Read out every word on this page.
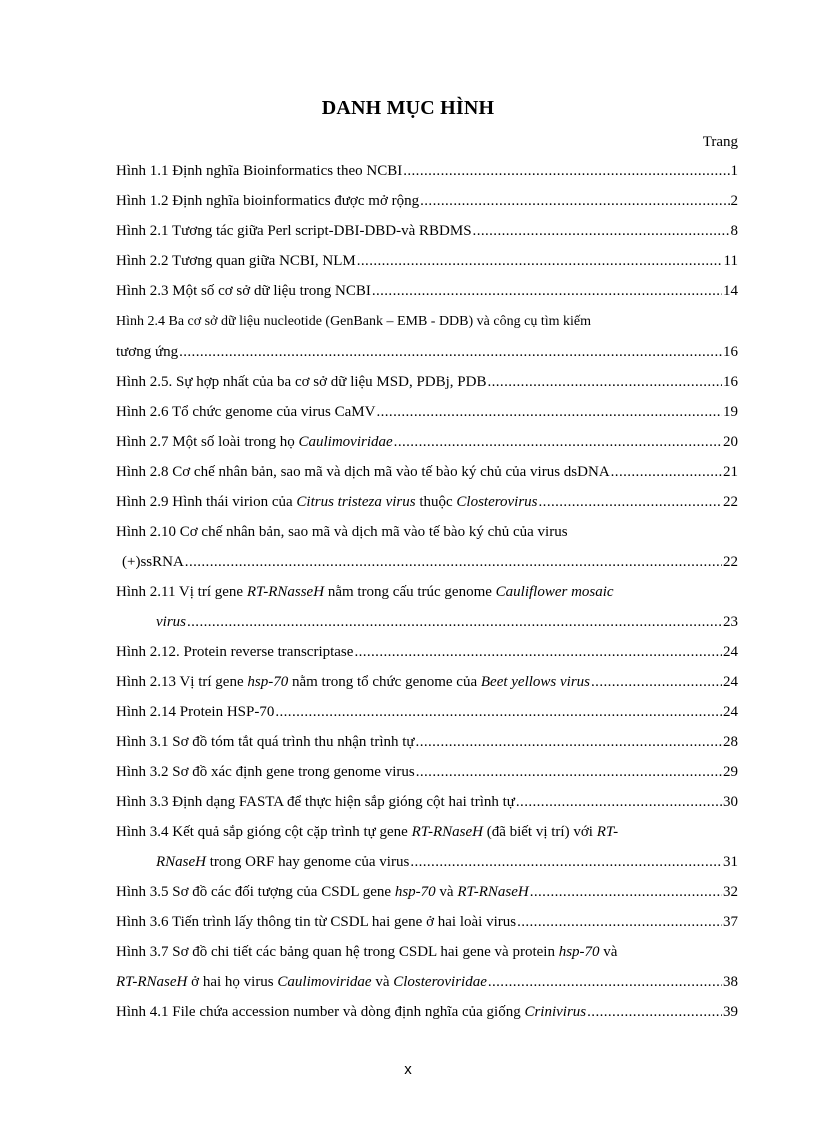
DANH MỤC HÌNH
Trang
Hình 1.1 Định nghĩa Bioinformatics theo NCBI .....	1
Hình 1.2 Định nghĩa bioinformatics được mở rộng .....	2
Hình 2.1 Tương tác giữa Perl script-DBI-DBD-và RBDMS .....	8
Hình 2.2 Tương quan giữa NCBI, NLM .....	11
Hình 2.3 Một số cơ sở dữ liệu trong NCBI .....	14
Hình 2.4 Ba cơ sở dữ liệu nucleotide (GenBank – EMB - DDB) và công cụ tìm kiếm
tương ứng .....	16
Hình 2.5. Sự hợp nhất của ba cơ sở dữ liệu MSD, PDBj, PDB .....	16
Hình 2.6 Tổ chức genome của virus CaMV .....	19
Hình 2.7 Một số loài trong họ Caulimoviridae .....	20
Hình 2.8 Cơ chế nhân bản, sao mã và dịch mã vào tế bào ký chủ của virus dsDNA .....	21
Hình 2.9 Hình thái virion của Citrus tristeza virus thuộc Closterovirus .....	22
Hình 2.10 Cơ chế nhân bản, sao mã và dịch mã vào tế bào ký chủ của virus
(+)ssRNA .....	22
Hình 2.11 Vị trí gene RT-RNasseH nằm trong cấu trúc genome Cauliflower mosaic
virus .....	23
Hình 2.12. Protein reverse transcriptase .....	24
Hình 2.13 Vị trí gene hsp-70 nằm trong tổ chức genome của Beet yellows virus .....	24
Hình 2.14 Protein HSP-70 .....	24
Hình 3.1 Sơ đồ tóm tắt quá trình thu nhận trình tự .....	28
Hình 3.2 Sơ đồ xác định gene trong genome virus .....	29
Hình 3.3 Định dạng FASTA để thực hiện sắp gióng cột hai trình tự .....	30
Hình 3.4 Kết quả sắp gióng cột cặp trình tự gene RT-RNaseH (đã biết vị trí) với RT-
RNaseH trong ORF hay genome của virus .....	31
Hình 3.5 Sơ đồ các đối tượng của CSDL gene hsp-70 và RT-RNaseH .....	32
Hình 3.6 Tiến trình lấy thông tin từ CSDL hai gene ở hai loài virus .....	37
Hình 3.7 Sơ đồ chi tiết các bảng quan hệ trong CSDL hai gene và protein hsp-70 và
RT-RNaseH ở hai họ virus Caulimoviridae và Closteroviridae .....	38
Hình 4.1 File chứa accession number và dòng định nghĩa của giống Crinivirus .....	39
x
